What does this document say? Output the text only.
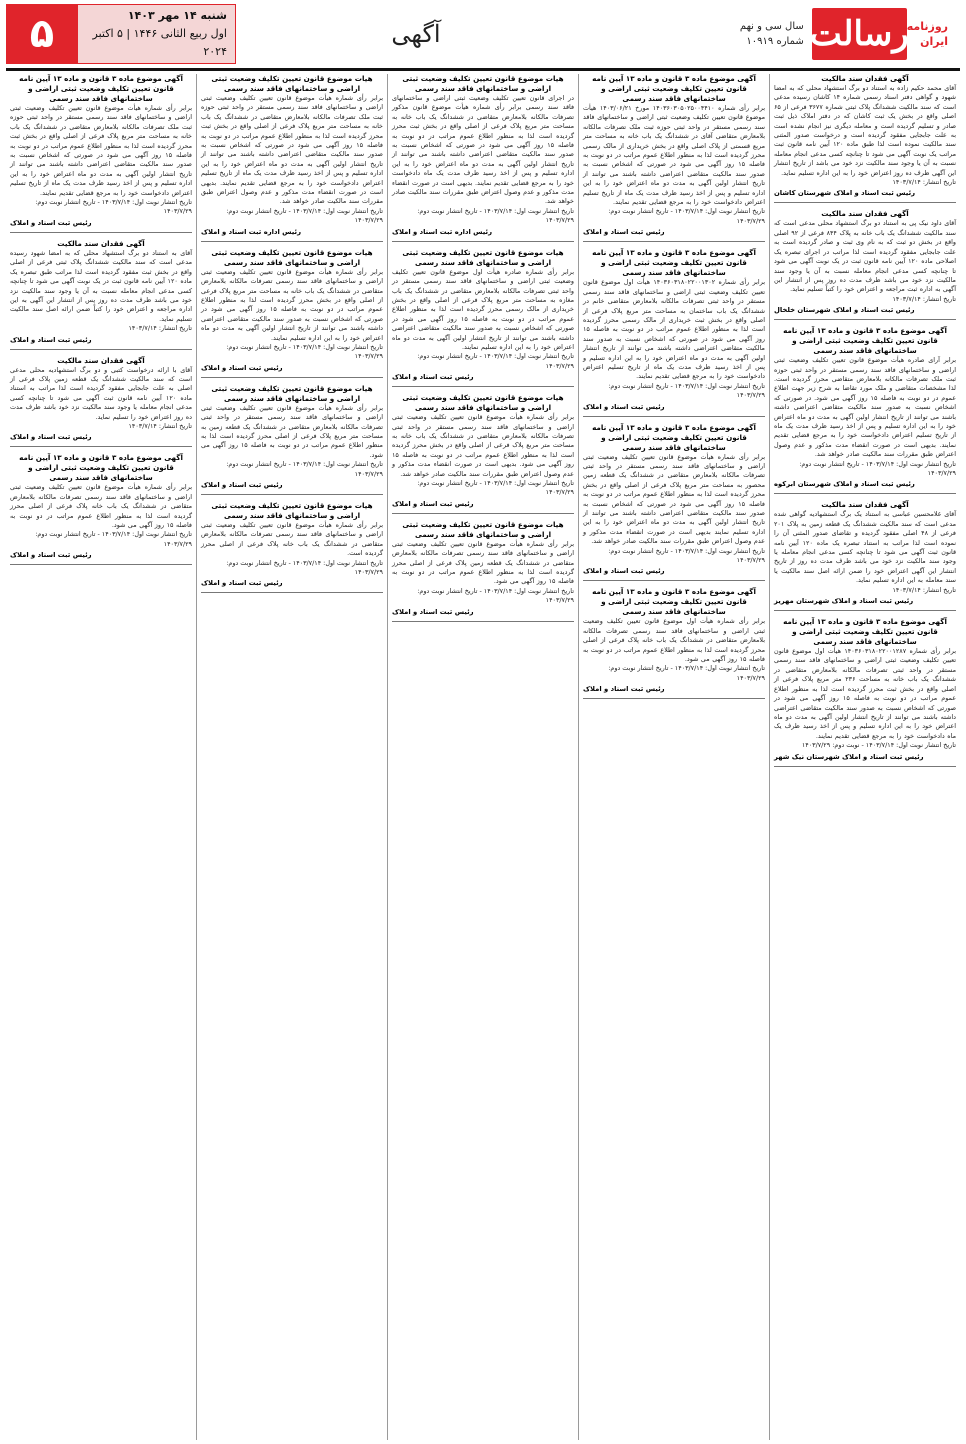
روزنامه
ایران
رسالت
سال سی و نهم
شماره ۱۰۹۱۹
آگهی
۵	شنبه ۱۴ مهر ۱۴۰۳
اول ربیع الثانی ۱۴۴۶ | ۵ اکتبر ۲۰۲۴
آگهی فقدان سند مالکیت
آقای محمد حکیم زاده به استناد دو برگ استشهاد محلی که به امضا شهود و گواهی دفتر اسناد رسمی شماره ۱۴ کاشان رسیده مدعی است که سند مالکیت ششدانگ پلاک ثبتی شماره ۳۶۷۷ فرعی از ۶۵ اصلی واقع در بخش یک ثبت کاشان که در دفتر املاک ذیل ثبت صادر و تسلیم گردیده است و معامله دیگری نیز انجام نشده است به علت جابجایی مفقود گردیده است و درخواست صدور المثنی سند مالکیت نموده است لذا طبق ماده ۱۲۰ آیین نامه قانون ثبت مراتب یک نوبت آگهی می شود تا چنانچه کسی مدعی انجام معامله نسبت به آن یا وجود سند مالکیت نزد خود می باشد از تاریخ انتشار این آگهی ظرف ده روز اعتراض خود را به این اداره تسلیم نماید.
تاریخ انتشار: ۱۴۰۳/۷/۱۴
رئیس ثبت اسناد و املاک شهرستان کاشان
آگهی فقدان سند مالکیت
آقای داود نیک پی به استناد دو برگ استشهاد محلی مدعی است که سند مالکیت ششدانگ یک باب خانه به پلاک ۸۴۴ فرعی از ۹۲ اصلی واقع در بخش دو ثبت که به نام وی ثبت و صادر گردیده است به علت جابجایی مفقود گردیده است لذا مراتب در اجرای تبصره یک اصلاحی ماده ۱۲۰ آیین نامه قانون ثبت در یک نوبت آگهی می شود تا چنانچه کسی مدعی انجام معامله نسبت به آن یا وجود سند مالکیت نزد خود می باشد ظرف مدت ده روز پس از انتشار این آگهی به اداره ثبت مراجعه و اعتراض خود را کتباً تسلیم نماید.
تاریخ انتشار: ۱۴۰۳/۷/۱۴
رئیس ثبت اسناد و املاک شهرستان خلخال
آگهی موضوع ماده ۳ قانون و ماده ۱۳ آیین نامه قانون تعیین تکلیف وضعیت ثبتی اراضی و ساختمانهای فاقد سند رسمی
برابر آرای صادره هیأت موضوع قانون تعیین تکلیف وضعیت ثبتی اراضی و ساختمانهای فاقد سند رسمی مستقر در واحد ثبتی حوزه ثبت ملک تصرفات مالکانه بلامعارض متقاضی محرز گردیده است. لذا مشخصات متقاضی و ملک مورد تقاضا به شرح زیر جهت اطلاع عموم در دو نوبت به فاصله ۱۵ روز آگهی می شود. در صورتی که اشخاص نسبت به صدور سند مالکیت متقاضی اعتراضی داشته باشند می توانند از تاریخ انتشار اولین آگهی به مدت دو ماه اعتراض خود را به این اداره تسلیم و پس از اخذ رسید ظرف مدت یک ماه از تاریخ تسلیم اعتراض دادخواست خود را به مرجع قضایی تقدیم نمایند. بدیهی است در صورت انقضاء مدت مذکور و عدم وصول اعتراض طبق مقررات سند مالکیت صادر خواهد شد.
تاریخ انتشار نوبت اول: ۱۴۰۳/۷/۱۴ - تاریخ انتشار نوبت دوم: ۱۴۰۳/۷/۲۹
رئیس ثبت اسناد و املاک شهرستان ابرکوه
آگهی فقدان سند مالکیت
آقای غلامحسین عباسی به استناد یک برگ استشهادیه گواهی شده مدعی است که سند مالکیت ششدانگ یک قطعه زمین به پلاک ۲۰۱ فرعی از ۴۸ اصلی مفقود گردیده و تقاضای صدور المثنی آن را نموده است لذا مراتب به استناد تبصره یک ماده ۱۲۰ آیین نامه قانون ثبت آگهی می شود تا چنانچه کسی مدعی انجام معامله یا وجود سند مالکیت نزد خود می باشد ظرف مدت ده روز از تاریخ انتشار این آگهی اعتراض خود را ضمن ارائه اصل سند مالکیت یا سند معامله به این اداره تسلیم نماید.
تاریخ انتشار: ۱۴۰۳/۷/۱۴
رئیس ثبت اسناد و املاک شهرستان مهریز
آگهی موضوع ماده ۳ قانون و ماده ۱۳ آیین نامه قانون تعیین تکلیف وضعیت ثبتی اراضی و ساختمانهای فاقد سند رسمی
برابر رأی شماره ۱۴۰۳۶۰۳۱۸۰۲۲۰۰۱۲۸۷ هیأت اول موضوع قانون تعیین تکلیف وضعیت ثبتی اراضی و ساختمانهای فاقد سند رسمی مستقر در واحد ثبتی تصرفات مالکانه بلامعارض متقاضی در ششدانگ یک باب خانه به مساحت ۲۳۶ متر مربع پلاک فرعی از اصلی واقع در بخش ثبت محرز گردیده است لذا به منظور اطلاع عموم مراتب در دو نوبت به فاصله ۱۵ روز آگهی می شود در صورتی که اشخاص نسبت به صدور سند مالکیت متقاضی اعتراضی داشته باشند می توانند از تاریخ انتشار اولین آگهی به مدت دو ماه اعتراض خود را به این اداره تسلیم و پس از اخذ رسید ظرف یک ماه دادخواست خود را به مرجع قضایی تقدیم نمایند.
تاریخ انتشار نوبت اول: ۱۴۰۳/۷/۱۴ - نوبت دوم: ۱۴۰۳/۷/۲۹
رئیس ثبت اسناد و املاک شهرستان نیک شهر
آگهی موضوع ماده ۳ قانون و ماده ۱۳ آیین نامه قانون تعیین تکلیف وضعیت ثبتی اراضی و ساختمانهای فاقد سند رسمی
برابر رأی شماره ۱۴۰۳۶۰۳۰۵۰۲۵۰۰۴۴۱۰ مورخ ۱۴۰۳/۰۶/۲۱ هیأت موضوع قانون تعیین تکلیف وضعیت ثبتی اراضی و ساختمانهای فاقد سند رسمی مستقر در واحد ثبتی حوزه ثبت ملک تصرفات مالکانه بلامعارض متقاضی آقای در ششدانگ یک باب خانه به مساحت متر مربع قسمتی از پلاک اصلی واقع در بخش خریداری از مالک رسمی محرز گردیده است لذا به منظور اطلاع عموم مراتب در دو نوبت به فاصله ۱۵ روز آگهی می شود در صورتی که اشخاص نسبت به صدور سند مالکیت متقاضی اعتراضی داشته باشند می توانند از تاریخ انتشار اولین آگهی به مدت دو ماه اعتراض خود را به این اداره تسلیم و پس از اخذ رسید ظرف مدت یک ماه از تاریخ تسلیم اعتراض دادخواست خود را به مرجع قضایی تقدیم نمایند.
تاریخ انتشار نوبت اول: ۱۴۰۳/۷/۱۴ - تاریخ انتشار نوبت دوم: ۱۴۰۳/۷/۲۹
رئیس ثبت اسناد و املاک
آگهی موضوع ماده ۳ قانون و ماده ۱۳ آیین نامه قانون تعیین تکلیف وضعیت ثبتی اراضی و ساختمانهای فاقد سند رسمی
برابر رأی شماره ۱۴۰۳۶۰۳۱۸۰۲۲۰۰۱۳۰۲ هیأت اول موضوع قانون تعیین تکلیف وضعیت ثبتی اراضی و ساختمانهای فاقد سند رسمی مستقر در واحد ثبتی تصرفات مالکانه بلامعارض متقاضی خانم در ششدانگ یک باب ساختمان به مساحت متر مربع پلاک فرعی از اصلی واقع در بخش ثبت خریداری از مالک رسمی محرز گردیده است لذا به منظور اطلاع عموم مراتب در دو نوبت به فاصله ۱۵ روز آگهی می شود در صورتی که اشخاص نسبت به صدور سند مالکیت متقاضی اعتراضی داشته باشند می توانند از تاریخ انتشار اولین آگهی به مدت دو ماه اعتراض خود را به این اداره تسلیم و پس از اخذ رسید ظرف مدت یک ماه از تاریخ تسلیم اعتراض دادخواست خود را به مرجع قضایی تقدیم نمایند.
تاریخ انتشار نوبت اول: ۱۴۰۳/۷/۱۴ - تاریخ انتشار نوبت دوم: ۱۴۰۳/۷/۲۹
رئیس ثبت اسناد و املاک
آگهی موضوع ماده ۳ قانون و ماده ۱۳ آیین نامه قانون تعیین تکلیف وضعیت ثبتی اراضی و ساختمانهای فاقد سند رسمی
برابر رأی شماره هیأت موضوع قانون تعیین تکلیف وضعیت ثبتی اراضی و ساختمانهای فاقد سند رسمی مستقر در واحد ثبتی تصرفات مالکانه بلامعارض متقاضی در ششدانگ یک قطعه زمین محصور به مساحت متر مربع پلاک فرعی از اصلی واقع در بخش محرز گردیده است لذا به منظور اطلاع عموم مراتب در دو نوبت به فاصله ۱۵ روز آگهی می شود در صورتی که اشخاص نسبت به صدور سند مالکیت متقاضی اعتراضی داشته باشند می توانند از تاریخ انتشار اولین آگهی به مدت دو ماه اعتراض خود را به این اداره تسلیم نمایند بدیهی است در صورت انقضاء مدت مذکور و عدم وصول اعتراض طبق مقررات سند مالکیت صادر خواهد شد.
تاریخ انتشار نوبت اول: ۱۴۰۳/۷/۱۴ - تاریخ انتشار نوبت دوم: ۱۴۰۳/۷/۲۹
رئیس ثبت اسناد و املاک
آگهی موضوع ماده ۳ قانون و ماده ۱۳ آیین نامه قانون تعیین تکلیف وضعیت ثبتی اراضی و ساختمانهای فاقد سند رسمی
برابر رأی شماره هیأت اول موضوع قانون تعیین تکلیف وضعیت ثبتی اراضی و ساختمانهای فاقد سند رسمی تصرفات مالکانه بلامعارض متقاضی در ششدانگ یک باب خانه پلاک فرعی از اصلی محرز گردیده است لذا به منظور اطلاع عموم مراتب در دو نوبت به فاصله ۱۵ روز آگهی می شود.
تاریخ انتشار نوبت اول: ۱۴۰۳/۷/۱۴ - تاریخ انتشار نوبت دوم: ۱۴۰۳/۷/۲۹
رئیس ثبت اسناد و املاک
هیات موضوع قانون تعیین تکلیف وضعیت ثبتی اراضی و ساختمانهای فاقد سند رسمی
در اجرای قانون تعیین تکلیف وضعیت ثبتی اراضی و ساختمانهای فاقد سند رسمی برابر رأی شماره هیأت موضوع قانون مذکور تصرفات مالکانه بلامعارض متقاضی در ششدانگ یک باب خانه به مساحت متر مربع پلاک فرعی از اصلی واقع در بخش ثبت محرز گردیده است لذا به منظور اطلاع عموم مراتب در دو نوبت به فاصله ۱۵ روز آگهی می شود در صورتی که اشخاص نسبت به صدور سند مالکیت متقاضی اعتراضی داشته باشند می توانند از تاریخ انتشار اولین آگهی به مدت دو ماه اعتراض خود را به این اداره تسلیم و پس از اخذ رسید ظرف مدت یک ماه دادخواست خود را به مرجع قضایی تقدیم نمایند. بدیهی است در صورت انقضاء مدت مذکور و عدم وصول اعتراض طبق مقررات سند مالکیت صادر خواهد شد.
تاریخ انتشار نوبت اول: ۱۴۰۳/۷/۱۴ - تاریخ انتشار نوبت دوم: ۱۴۰۳/۷/۲۹
رئیس اداره ثبت اسناد و املاک
هیات موضوع قانون تعیین تکلیف وضعیت ثبتی اراضی و ساختمانهای فاقد سند رسمی
برابر رأی شماره صادره هیأت اول موضوع قانون تعیین تکلیف وضعیت ثبتی اراضی و ساختمانهای فاقد سند رسمی مستقر در واحد ثبتی تصرفات مالکانه بلامعارض متقاضی در ششدانگ یک باب مغازه به مساحت متر مربع پلاک فرعی از اصلی واقع در بخش خریداری از مالک رسمی محرز گردیده است لذا به منظور اطلاع عموم مراتب در دو نوبت به فاصله ۱۵ روز آگهی می شود در صورتی که اشخاص نسبت به صدور سند مالکیت متقاضی اعتراضی داشته باشند می توانند از تاریخ انتشار اولین آگهی به مدت دو ماه اعتراض خود را به این اداره تسلیم نمایند.
تاریخ انتشار نوبت اول: ۱۴۰۳/۷/۱۴ - تاریخ انتشار نوبت دوم: ۱۴۰۳/۷/۲۹
رئیس ثبت اسناد و املاک
هیات موضوع قانون تعیین تکلیف وضعیت ثبتی اراضی و ساختمانهای فاقد سند رسمی
برابر رأی شماره هیأت موضوع قانون تعیین تکلیف وضعیت ثبتی اراضی و ساختمانهای فاقد سند رسمی مستقر در واحد ثبتی تصرفات مالکانه بلامعارض متقاضی در ششدانگ یک باب خانه به مساحت متر مربع پلاک فرعی از اصلی واقع در بخش محرز گردیده است لذا به منظور اطلاع عموم مراتب در دو نوبت به فاصله ۱۵ روز آگهی می شود. بدیهی است در صورت انقضاء مدت مذکور و عدم وصول اعتراض طبق مقررات سند مالکیت صادر خواهد شد.
تاریخ انتشار نوبت اول: ۱۴۰۳/۷/۱۴ - تاریخ انتشار نوبت دوم: ۱۴۰۳/۷/۲۹
رئیس ثبت اسناد و املاک
هیات موضوع قانون تعیین تکلیف وضعیت ثبتی اراضی و ساختمانهای فاقد سند رسمی
برابر رأی شماره هیأت موضوع قانون تعیین تکلیف وضعیت ثبتی اراضی و ساختمانهای فاقد سند رسمی تصرفات مالکانه بلامعارض متقاضی در ششدانگ یک قطعه زمین پلاک فرعی از اصلی محرز گردیده است لذا به منظور اطلاع عموم مراتب در دو نوبت به فاصله ۱۵ روز آگهی می شود.
تاریخ انتشار نوبت اول: ۱۴۰۳/۷/۱۴ - تاریخ انتشار نوبت دوم: ۱۴۰۳/۷/۲۹
رئیس ثبت اسناد و املاک
هیات موضوع قانون تعیین تکلیف وضعیت ثبتی اراضی و ساختمانهای فاقد سند رسمی
برابر رأی شماره هیأت موضوع قانون تعیین تکلیف وضعیت ثبتی اراضی و ساختمانهای فاقد سند رسمی مستقر در واحد ثبتی حوزه ثبت ملک تصرفات مالکانه بلامعارض متقاضی در ششدانگ یک باب خانه به مساحت متر مربع پلاک فرعی از اصلی واقع در بخش ثبت محرز گردیده است لذا به منظور اطلاع عموم مراتب در دو نوبت به فاصله ۱۵ روز آگهی می شود در صورتی که اشخاص نسبت به صدور سند مالکیت متقاضی اعتراضی داشته باشند می توانند از تاریخ انتشار اولین آگهی به مدت دو ماه اعتراض خود را به این اداره تسلیم و پس از اخذ رسید ظرف مدت یک ماه از تاریخ تسلیم اعتراض دادخواست خود را به مرجع قضایی تقدیم نمایند. بدیهی است در صورت انقضاء مدت مذکور و عدم وصول اعتراض طبق مقررات سند مالکیت صادر خواهد شد.
تاریخ انتشار نوبت اول: ۱۴۰۳/۷/۱۴ - تاریخ انتشار نوبت دوم: ۱۴۰۳/۷/۲۹
رئیس اداره ثبت اسناد و املاک
هیات موضوع قانون تعیین تکلیف وضعیت ثبتی اراضی و ساختمانهای فاقد سند رسمی
برابر رأی شماره هیأت موضوع قانون تعیین تکلیف وضعیت ثبتی اراضی و ساختمانهای فاقد سند رسمی تصرفات مالکانه بلامعارض متقاضی در ششدانگ یک باب خانه به مساحت متر مربع پلاک فرعی از اصلی واقع در بخش محرز گردیده است لذا به منظور اطلاع عموم مراتب در دو نوبت به فاصله ۱۵ روز آگهی می شود در صورتی که اشخاص نسبت به صدور سند مالکیت متقاضی اعتراضی داشته باشند می توانند از تاریخ انتشار اولین آگهی به مدت دو ماه اعتراض خود را به این اداره تسلیم نمایند.
تاریخ انتشار نوبت اول: ۱۴۰۳/۷/۱۴ - تاریخ انتشار نوبت دوم: ۱۴۰۳/۷/۲۹
رئیس ثبت اسناد و املاک
هیات موضوع قانون تعیین تکلیف وضعیت ثبتی اراضی و ساختمانهای فاقد سند رسمی
برابر رأی شماره هیأت موضوع قانون تعیین تکلیف وضعیت ثبتی اراضی و ساختمانهای فاقد سند رسمی مستقر در واحد ثبتی تصرفات مالکانه بلامعارض متقاضی در ششدانگ یک قطعه زمین به مساحت متر مربع پلاک فرعی از اصلی محرز گردیده است لذا به منظور اطلاع عموم مراتب در دو نوبت به فاصله ۱۵ روز آگهی می شود.
تاریخ انتشار نوبت اول: ۱۴۰۳/۷/۱۴ - تاریخ انتشار نوبت دوم: ۱۴۰۳/۷/۲۹
رئیس ثبت اسناد و املاک
هیات موضوع قانون تعیین تکلیف وضعیت ثبتی اراضی و ساختمانهای فاقد سند رسمی
برابر رأی شماره هیأت موضوع قانون تعیین تکلیف وضعیت ثبتی اراضی و ساختمانهای فاقد سند رسمی تصرفات مالکانه بلامعارض متقاضی در ششدانگ یک باب خانه پلاک فرعی از اصلی محرز گردیده است.
تاریخ انتشار نوبت اول: ۱۴۰۳/۷/۱۴ - تاریخ انتشار نوبت دوم: ۱۴۰۳/۷/۲۹
رئیس ثبت اسناد و املاک
آگهی موضوع ماده ۳ قانون و ماده ۱۳ آیین نامه قانون تعیین تکلیف وضعیت ثبتی اراضی و ساختمانهای فاقد سند رسمی
برابر رأی شماره هیأت موضوع قانون تعیین تکلیف وضعیت ثبتی اراضی و ساختمانهای فاقد سند رسمی مستقر در واحد ثبتی حوزه ثبت ملک تصرفات مالکانه بلامعارض متقاضی در ششدانگ یک باب خانه به مساحت متر مربع پلاک فرعی از اصلی واقع در بخش ثبت محرز گردیده است لذا به منظور اطلاع عموم مراتب در دو نوبت به فاصله ۱۵ روز آگهی می شود در صورتی که اشخاص نسبت به صدور سند مالکیت متقاضی اعتراضی داشته باشند می توانند از تاریخ انتشار اولین آگهی به مدت دو ماه اعتراض خود را به این اداره تسلیم و پس از اخذ رسید ظرف مدت یک ماه از تاریخ تسلیم اعتراض دادخواست خود را به مرجع قضایی تقدیم نمایند.
تاریخ انتشار نوبت اول: ۱۴۰۳/۷/۱۴ - تاریخ انتشار نوبت دوم: ۱۴۰۳/۷/۲۹
رئیس ثبت اسناد و املاک
آگهی فقدان سند مالکیت
آقای به استناد دو برگ استشهاد محلی که به امضا شهود رسیده مدعی است که سند مالکیت ششدانگ پلاک ثبتی فرعی از اصلی واقع در بخش ثبت مفقود گردیده است لذا مراتب طبق تبصره یک ماده ۱۲۰ آیین نامه قانون ثبت در یک نوبت آگهی می شود تا چنانچه کسی مدعی انجام معامله نسبت به آن یا وجود سند مالکیت نزد خود می باشد ظرف مدت ده روز پس از انتشار این آگهی به این اداره مراجعه و اعتراض خود را کتباً ضمن ارائه اصل سند مالکیت تسلیم نماید.
تاریخ انتشار: ۱۴۰۳/۷/۱۴
رئیس ثبت اسناد و املاک
آگهی فقدان سند مالکیت
آقای با ارائه درخواست کتبی و دو برگ استشهادیه محلی مدعی است که سند مالکیت ششدانگ یک قطعه زمین پلاک فرعی از اصلی به علت جابجایی مفقود گردیده است لذا مراتب به استناد ماده ۱۲۰ آیین نامه قانون ثبت آگهی می شود تا چنانچه کسی مدعی انجام معامله یا وجود سند مالکیت نزد خود باشد ظرف مدت ده روز اعتراض خود را تسلیم نماید.
تاریخ انتشار: ۱۴۰۳/۷/۱۴
رئیس ثبت اسناد و املاک
آگهی موضوع ماده ۳ قانون و ماده ۱۳ آیین نامه قانون تعیین تکلیف وضعیت ثبتی اراضی و ساختمانهای فاقد سند رسمی
برابر رأی شماره هیأت موضوع قانون تعیین تکلیف وضعیت ثبتی اراضی و ساختمانهای فاقد سند رسمی تصرفات مالکانه بلامعارض متقاضی در ششدانگ یک باب خانه پلاک فرعی از اصلی محرز گردیده است لذا به منظور اطلاع عموم مراتب در دو نوبت به فاصله ۱۵ روز آگهی می شود.
تاریخ انتشار نوبت اول: ۱۴۰۳/۷/۱۴ - تاریخ انتشار نوبت دوم: ۱۴۰۳/۷/۲۹
رئیس ثبت اسناد و املاک
